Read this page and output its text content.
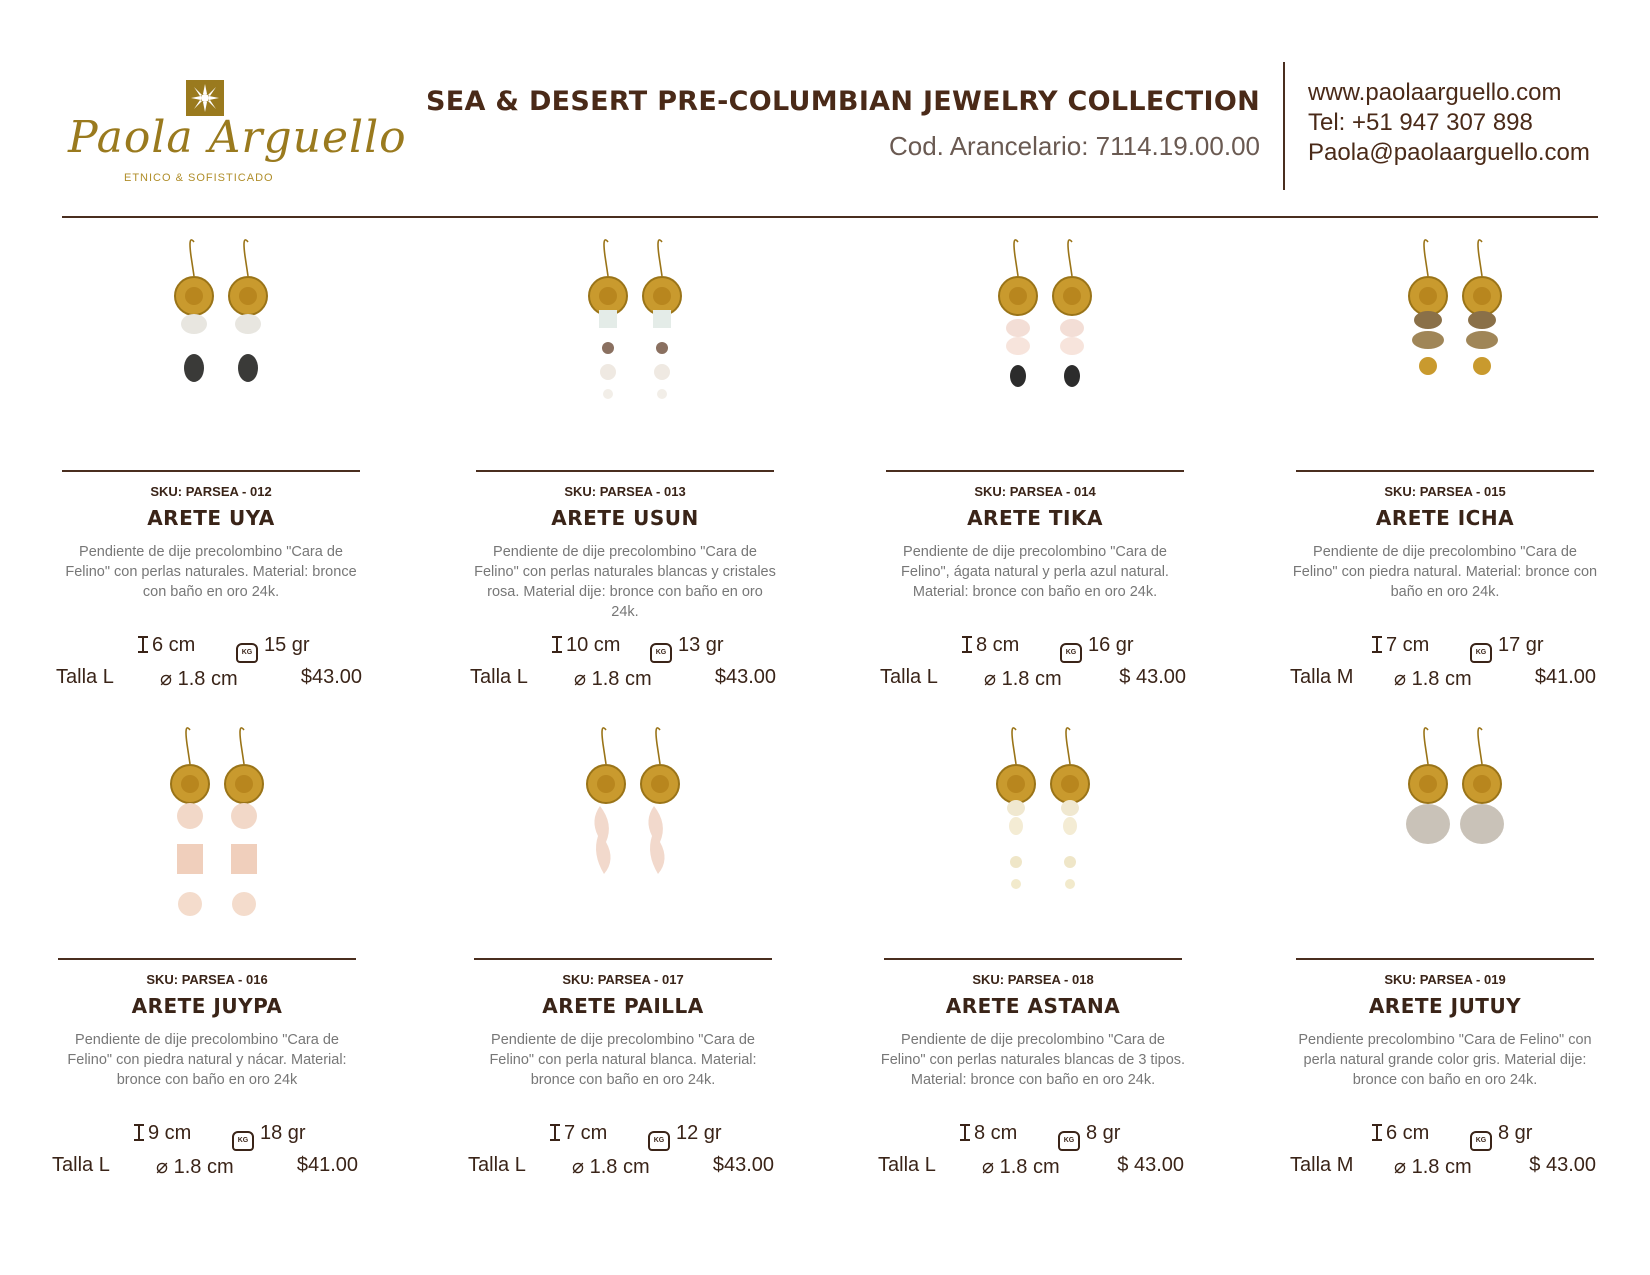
Paola Arguello
ETNICO & SOFISTICADO
SEA & DESERT PRE-COLUMBIAN JEWELRY COLLECTION
Cod. Arancelario: 7114.19.00.00
www.paolaarguello.com
Tel: +51 947 307 898
Paola@paolaarguello.com
SKU: PARSEA - 012
ARETE UYA
Pendiente de dije precolombino "Cara de Felino" con perlas naturales. Material: bronce con baño en oro 24k.
6 cm	KG 15 gr
Talla L ⌀ 1.8 cm	$43.00
SKU: PARSEA - 013
ARETE USUN
Pendiente de dije precolombino "Cara de Felino" con perlas naturales blancas y cristales rosa. Material dije: bronce con baño en oro 24k.
10 cm	KG 13 gr
Talla L ⌀ 1.8 cm	$43.00
SKU: PARSEA - 014
ARETE TIKA
Pendiente de dije precolombino "Cara de Felino", ágata natural y perla azul natural. Material: bronce con baño en oro 24k.
8 cm	KG 16 gr
Talla L ⌀ 1.8 cm	$ 43.00
SKU: PARSEA - 015
ARETE ICHA
Pendiente de dije precolombino "Cara de Felino" con piedra natural. Material: bronce con baño en oro 24k.
7 cm	KG 17 gr
Talla M ⌀ 1.8 cm	$41.00
SKU: PARSEA - 016
ARETE JUYPA
Pendiente de dije precolombino "Cara de Felino" con piedra natural y nácar. Material: bronce con baño en oro 24k
9 cm	KG 18 gr
Talla L ⌀ 1.8 cm	$41.00
SKU: PARSEA - 017
ARETE PAILLA
Pendiente de dije precolombino "Cara de Felino" con perla natural blanca. Material: bronce con baño en oro 24k.
7 cm	KG 12 gr
Talla L ⌀ 1.8 cm	$43.00
SKU: PARSEA - 018
ARETE ASTANA
Pendiente de dije precolombino "Cara de Felino" con perlas naturales blancas de 3 tipos. Material: bronce con baño en oro 24k.
8 cm	KG 8 gr
Talla L ⌀ 1.8 cm	$ 43.00
SKU: PARSEA - 019
ARETE JUTUY
Pendiente precolombino "Cara de Felino" con perla natural grande color gris. Material dije: bronce con baño en oro 24k.
6 cm	KG 8 gr
Talla M ⌀ 1.8 cm	$ 43.00
